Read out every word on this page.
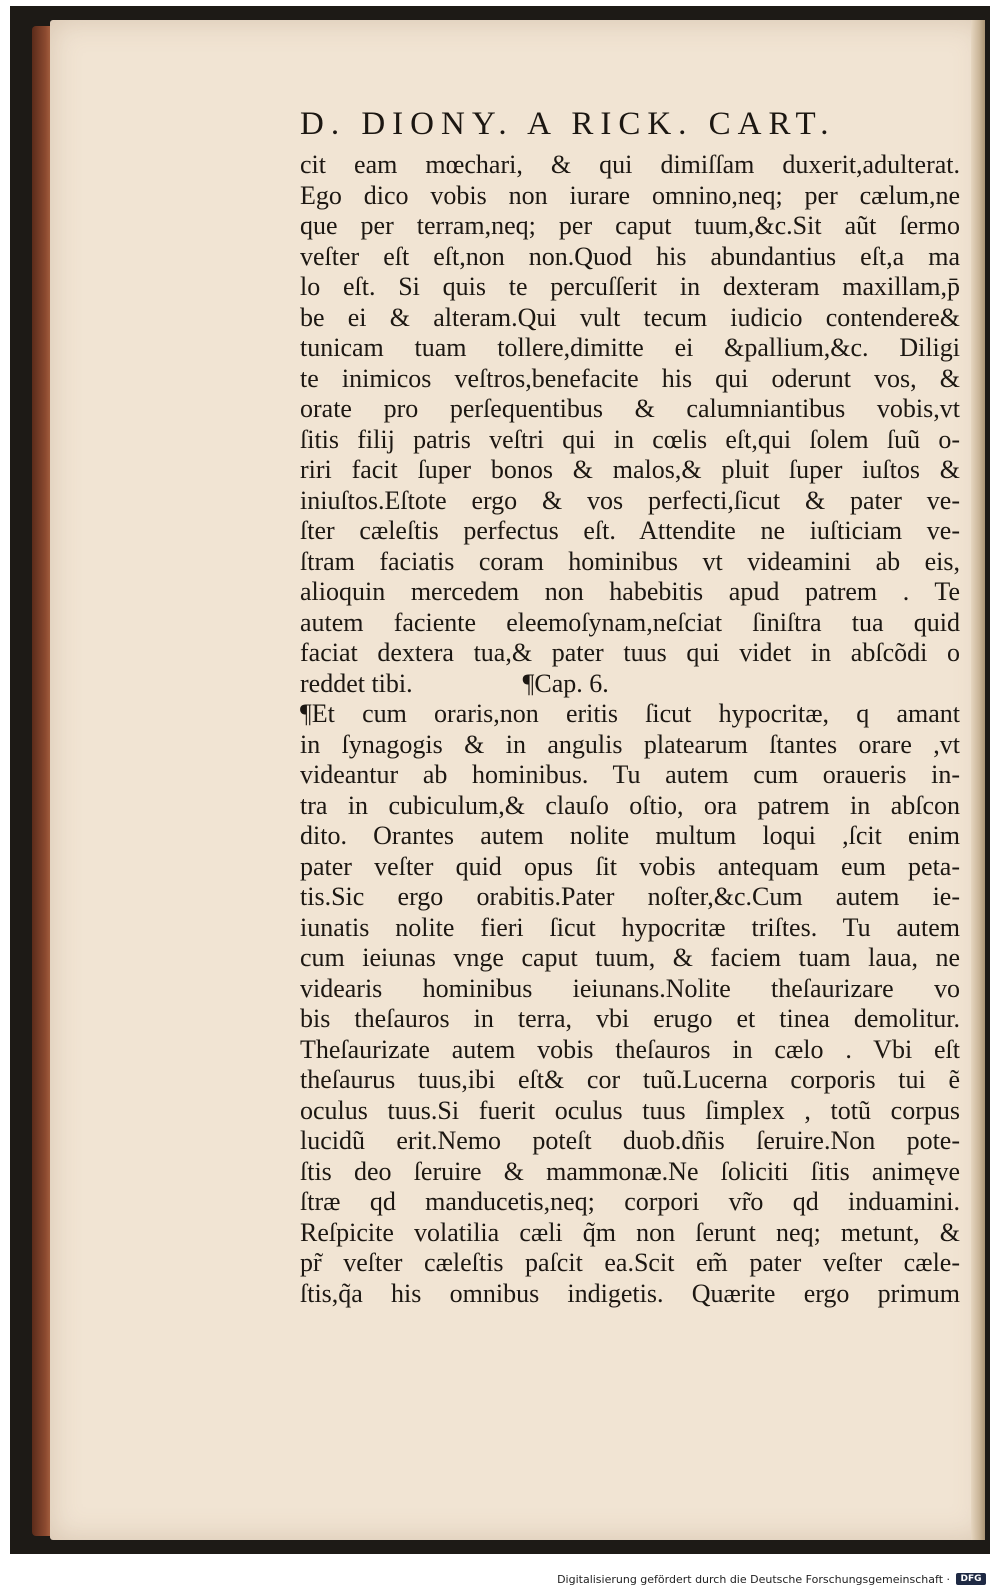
D. DIONY. A RICK. CART.
cit eam mœchari, & qui dimiſſam duxerit,adulterat.
Ego dico vobis non iurare omnino,neq; per cælum,ne
que per terram,neq; per caput tuum,&c.Sit aũt ſermo
veſter eſt eſt,non non.Quod his abundantius eſt,a ma
lo eſt. Si quis te percuſſerit in dexteram maxillam,p̄
be ei & alteram.Qui vult tecum iudicio contendere&
tunicam tuam tollere,dimitte ei &pallium,&c. Diligi
te inimicos veſtros,benefacite his qui oderunt vos, &
orate pro perſequentibus & calumniantibus vobis,vt
ſitis filij patris veſtri qui in cœlis eſt,qui ſolem ſuũ o-
riri facit ſuper bonos & malos,& pluit ſuper iuſtos &
iniuſtos.Eſtote ergo & vos perfecti,ſicut & pater ve-
ſter cæleſtis perfectus eſt. Attendite ne iuſticiam ve-
ſtram faciatis coram hominibus vt videamini ab eis,
alioquin mercedem non habebitis apud patrem . Te
autem faciente eleemoſynam,neſciat ſiniſtra tua quid
faciat dextera tua,& pater tuus qui videt in abſcõdi o
reddet tibi.	¶Cap. 6.
¶Et cum oraris,non eritis ſicut hypocritæ, q amant
in ſynagogis & in angulis platearum ſtantes orare ,vt
videantur ab hominibus. Tu autem cum oraueris in-
tra in cubiculum,& clauſo oſtio, ora patrem in abſcon
dito. Orantes autem nolite multum loqui ,ſcit enim
pater veſter quid opus ſit vobis antequam eum peta-
tis.Sic ergo orabitis.Pater noſter,&c.Cum autem ie-
iunatis nolite fieri ſicut hypocritæ triſtes. Tu autem
cum ieiunas vnge caput tuum, & faciem tuam laua, ne
videaris hominibus ieiunans.Nolite theſaurizare vo
bis theſauros in terra, vbi erugo et tinea demolitur.
Theſaurizate autem vobis theſauros in cælo . Vbi eſt
theſaurus tuus,ibi eſt& cor tuũ.Lucerna corporis tui ẽ
oculus tuus.Si fuerit oculus tuus ſimplex , totũ corpus
lucidũ erit.Nemo poteſt duob.dñis ſeruire.Non pote-
ſtis deo ſeruire & mammonæ.Ne ſoliciti ſitis animęve
ſtræ qd manducetis,neq; corpori vr̃o qd induamini.
Reſpicite volatilia cæli q̃m non ſerunt neq; metunt, &
pr̃ veſter cæleſtis paſcit ea.Scit em̃ pater veſter cæle-
ſtis,q̃a his omnibus indigetis. Quærite ergo primum
Digitalisierung gefördert durch die Deutsche Forschungsgemeinschaft ·	DFG
